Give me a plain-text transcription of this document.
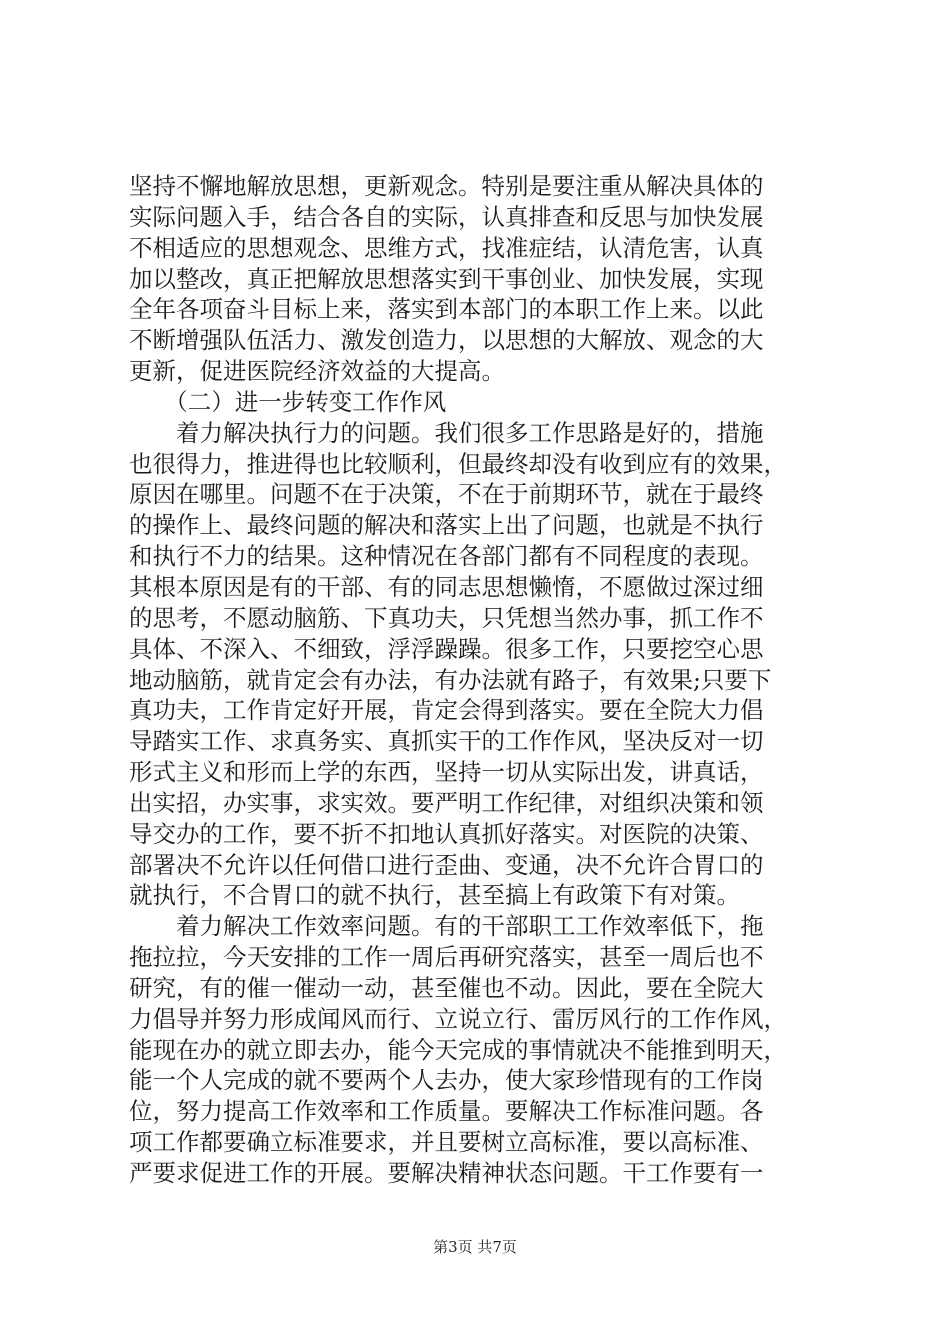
坚持不懈地解放思想，更新观念。特别是要注重从解决具体的
实际问题入手，结合各自的实际，认真排查和反思与加快发展
不相适应的思想观念、思维方式，找准症结，认清危害，认真
加以整改，真正把解放思想落实到干事创业、加快发展，实现
全年各项奋斗目标上来，落实到本部门的本职工作上来。以此
不断增强队伍活力、激发创造力，以思想的大解放、观念的大
更新，促进医院经济效益的大提高。
　　（二）进一步转变工作作风
　　着力解决执行力的问题。我们很多工作思路是好的，措施
也很得力，推进得也比较顺利，但最终却没有收到应有的效果，
原因在哪里。问题不在于决策，不在于前期环节，就在于最终
的操作上、最终问题的解决和落实上出了问题，也就是不执行
和执行不力的结果。这种情况在各部门都有不同程度的表现。
其根本原因是有的干部、有的同志思想懒惰，不愿做过深过细
的思考，不愿动脑筋、下真功夫，只凭想当然办事，抓工作不
具体、不深入、不细致，浮浮躁躁。很多工作，只要挖空心思
地动脑筋，就肯定会有办法，有办法就有路子，有效果;只要下
真功夫，工作肯定好开展，肯定会得到落实。要在全院大力倡
导踏实工作、求真务实、真抓实干的工作作风，坚决反对一切
形式主义和形而上学的东西，坚持一切从实际出发，讲真话，
出实招，办实事，求实效。要严明工作纪律，对组织决策和领
导交办的工作，要不折不扣地认真抓好落实。对医院的决策、
部署决不允许以任何借口进行歪曲、变通，决不允许合胃口的
就执行，不合胃口的就不执行，甚至搞上有政策下有对策。
　　着力解决工作效率问题。有的干部职工工作效率低下，拖
拖拉拉，今天安排的工作一周后再研究落实，甚至一周后也不
研究，有的催一催动一动，甚至催也不动。因此，要在全院大
力倡导并努力形成闻风而行、立说立行、雷厉风行的工作作风，
能现在办的就立即去办，能今天完成的事情就决不能推到明天，
能一个人完成的就不要两个人去办，使大家珍惜现有的工作岗
位，努力提高工作效率和工作质量。要解决工作标准问题。各
项工作都要确立标准要求，并且要树立高标准，要以高标准、
严要求促进工作的开展。要解决精神状态问题。干工作要有一
第3页 共7页
